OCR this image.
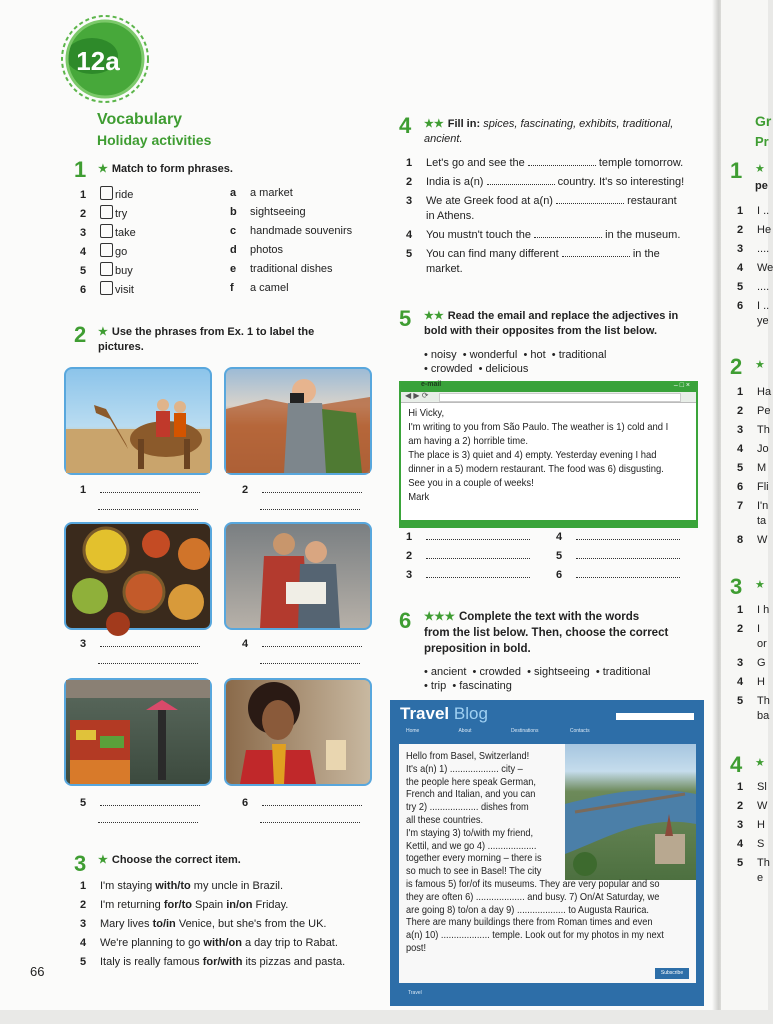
12a
Vocabulary
Holiday activities
1 ★ Match to form phrases.
1	ride
2	try
3	take
4	go
5	buy
6	visit
a a market
b sightseeing
c handmade souvenirs
d photos
e traditional dishes
f a camel
2 ★ Use the phrases from Ex. 1 to label the
pictures.
1	2
3	4
5	6
3 ★ Choose the correct item.
1 I'm staying with/to my uncle in Brazil.
2 I'm returning for/to Spain in/on Friday.
3 Mary lives to/in Venice, but she's from the UK.
4 We're planning to go with/on a day trip to Rabat.
5 Italy is really famous for/with its pizzas and pasta.
66
4 ★★ Fill in: spices, fascinating, exhibits, traditional,
ancient.
1 Let's go and see the	temple tomorrow.
2 India is a(n)	country. It's so interesting!
3 We ate Greek food at a(n)	restaurant
in Athens.
4 You mustn't touch the	in the museum.
5 You can find many different	in the
market.
5 ★★ Read the email and replace the adjectives in
bold with their opposites from the list below.
• noisy  • wonderful  • hot  • traditional
• crowded  • delicious
e-mail	– □ ×
◀ ▶ ⟳
Hi Vicky,
I'm writing to you from São Paulo. The weather is 1) cold and I
am having a 2) horrible time.
The place is 3) quiet and 4) empty. Yesterday evening I had
dinner in a 5) modern restaurant. The food was 6) disgusting.
See you in a couple of weeks!
Mark
1
2
3
4
5
6
6 ★★★ Complete the text with the words
from the list below. Then, choose the correct
preposition in bold.
• ancient  • crowded  • sightseeing  • traditional
• trip  • fascinating
Travel Blog
Home	About	Destinations	Contacts
Hello from Basel, Switzerland!
It's a(n) 1) ................... city –
the people here speak German,
French and Italian, and you can
try 2) ................... dishes from
all these countries.
I'm staying 3) to/with my friend,
Kettil, and we go 4) ...................
together every morning – there is
so much to see in Basel! The city
is famous 5) for/of its museums. They are very popular and so
they are often 6) ................... and busy. 7) On/At Saturday, we
are going 8) to/on a day 9) ................... to Augusta Raurica.
There are many buildings there from Roman times and even
a(n) 10) ................... temple. Look out for my photos in my next
post!
Subscribe
Travel
Gr
Pr
1 ★
pe
1 I ..
2 He
3 ....
4 We
5 ....
6 I ..
ye
2 ★
1 Ha
2 Pe
3 Th
4 Jo
5 M
6 Fli
7 I'n
ta
8 W
3 ★
1 I h
2 I
or
3 G
4 H
5 Th
ba
4 ★
1 Sl
2 W
3 H
4 S
5 Th
e
